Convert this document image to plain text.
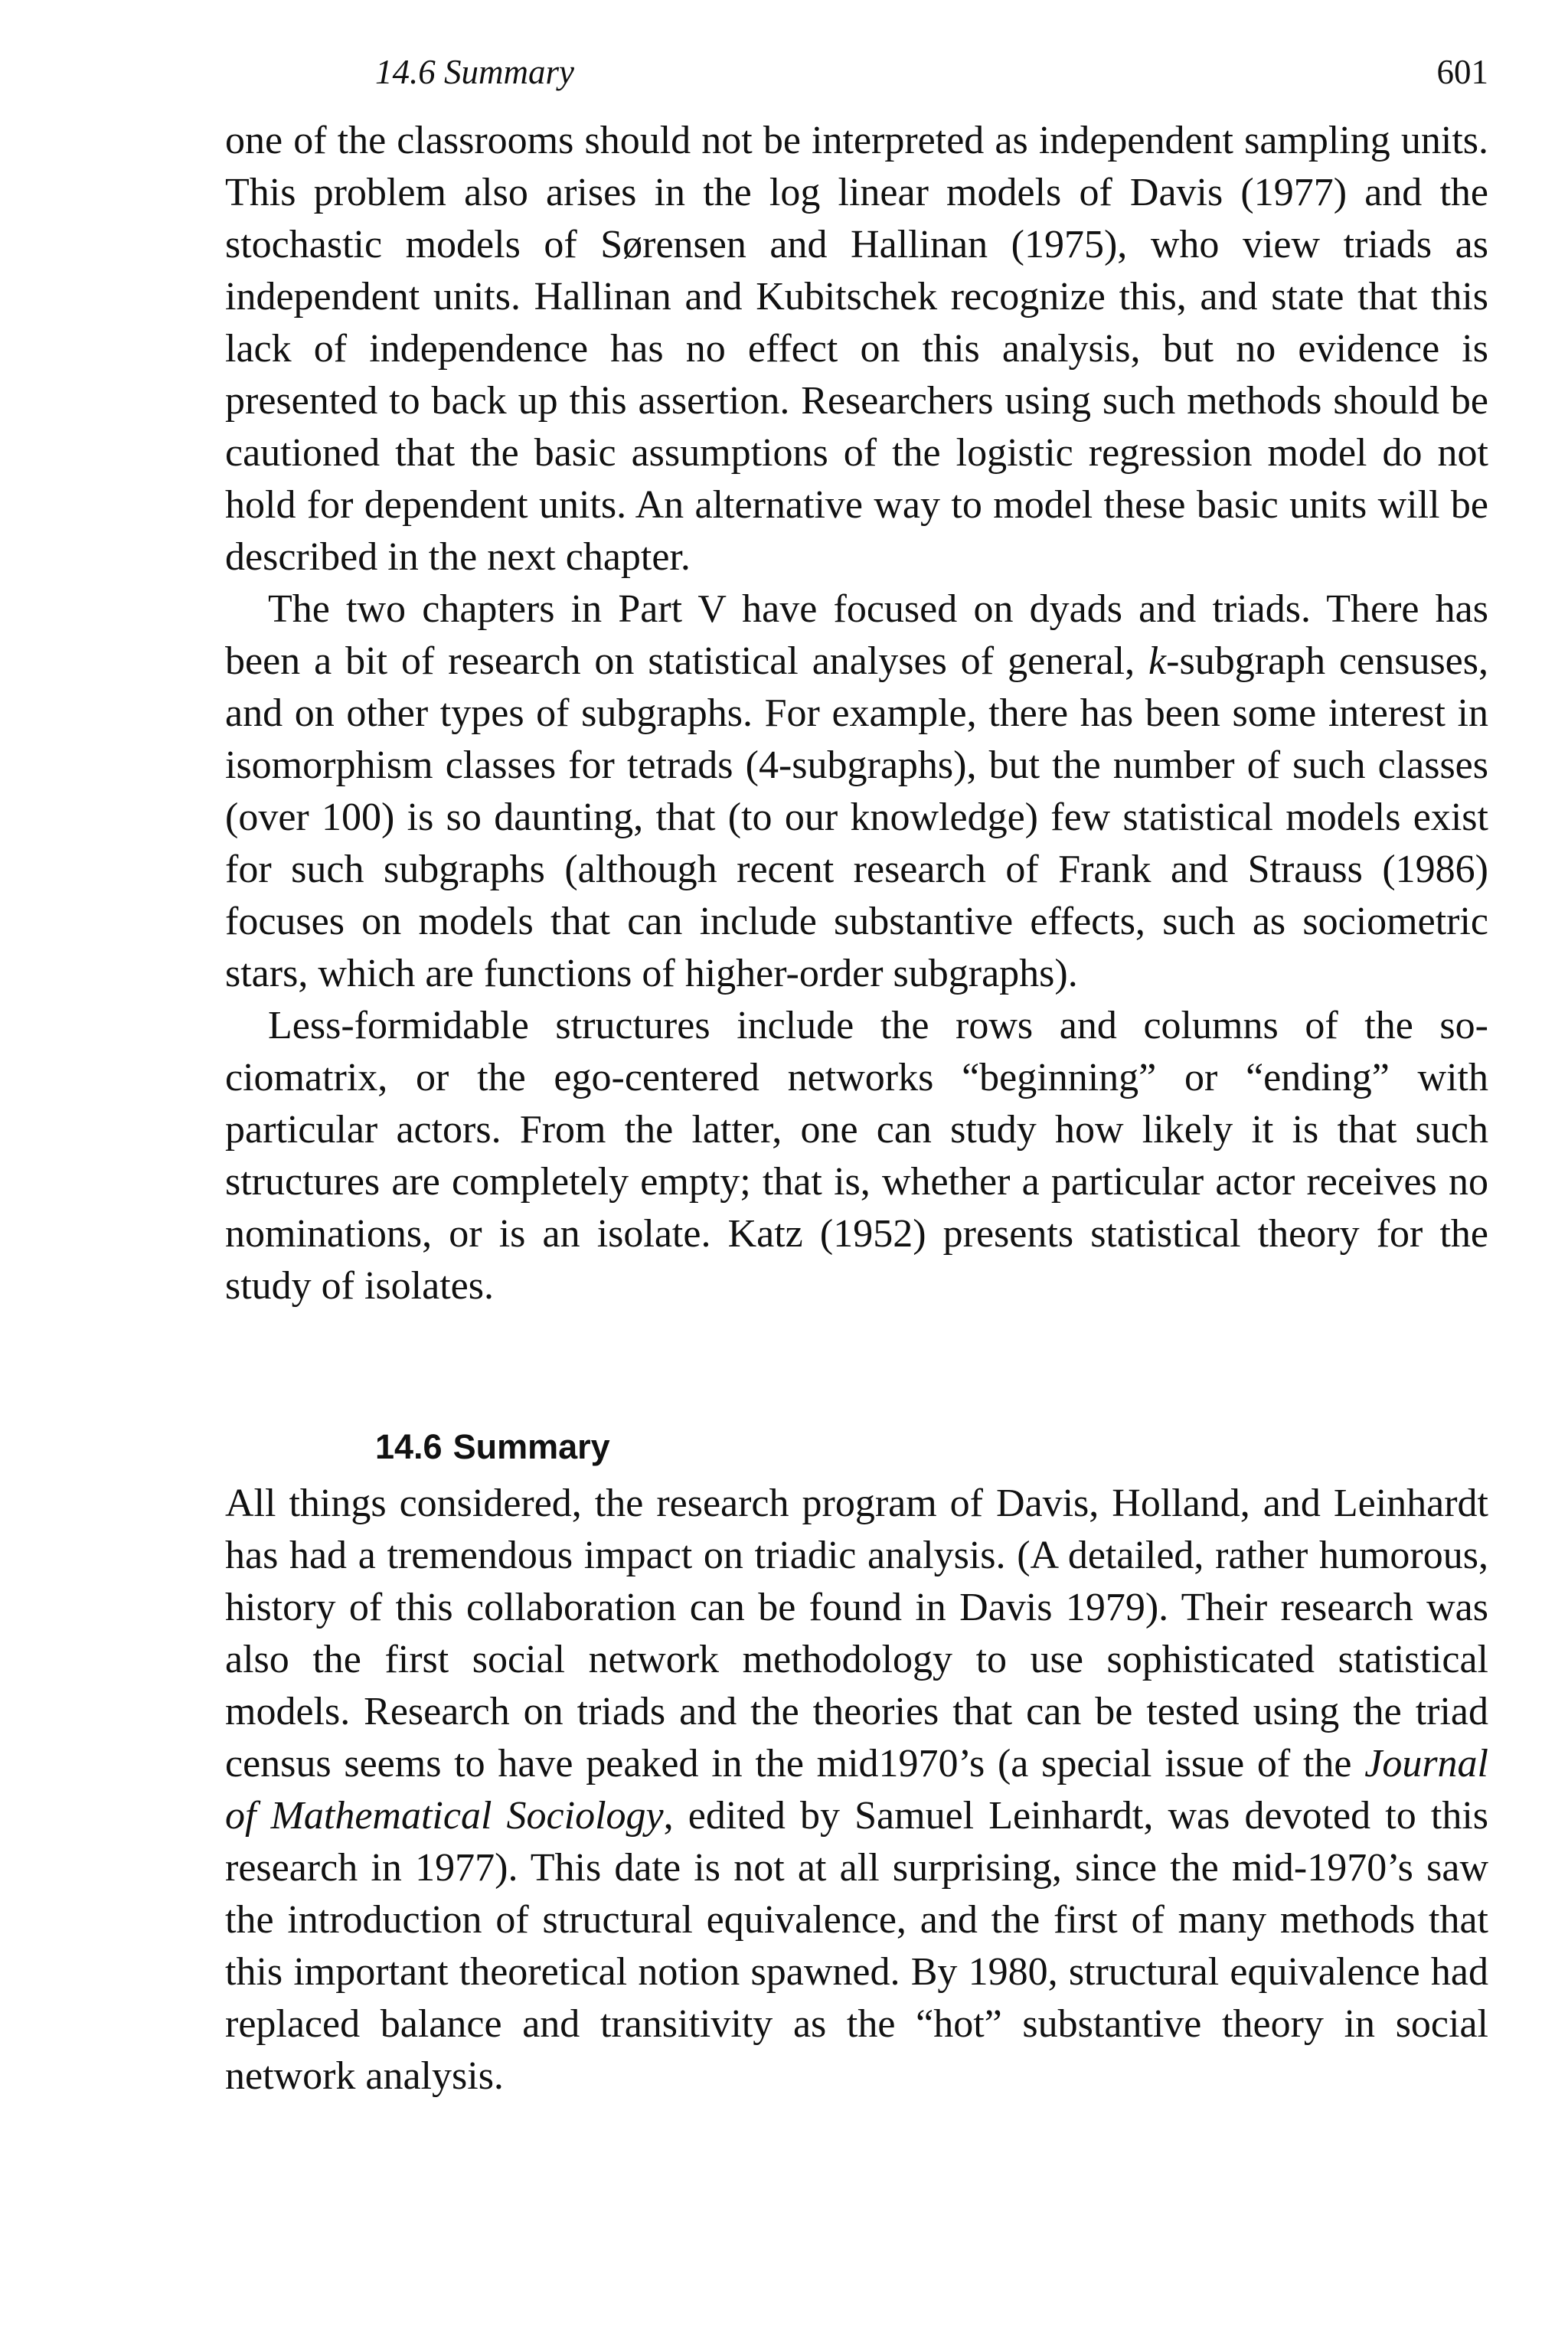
14.6 Summary	601

one of the classrooms should not be interpreted as independent sampling units. This problem also arises in the log linear models of Davis (1977) and the stochastic models of Sørensen and Hallinan (1975), who view triads as independent units. Hallinan and Kubitschek recognize this, and state that this lack of independence has no effect on this analysis, but no evidence is presented to back up this assertion. Researchers using such methods should be cautioned that the basic assumptions of the logistic regression model do not hold for dependent units. An alternative way to model these basic units will be described in the next chapter.

The two chapters in Part V have focused on dyads and triads. There has been a bit of research on statistical analyses of general, k-subgraph censuses, and on other types of subgraphs. For example, there has been some interest in isomorphism classes for tetrads (4-subgraphs), but the number of such classes (over 100) is so daunting, that (to our knowledge) few statistical models exist for such subgraphs (although recent research of Frank and Strauss (1986) focuses on models that can include substantive effects, such as sociometric stars, which are functions of higher-order subgraphs).

Less-formidable structures include the rows and columns of the sociomatrix, or the ego-centered networks “beginning” or “ending” with particular actors. From the latter, one can study how likely it is that such structures are completely empty; that is, whether a particular actor receives no nominations, or is an isolate. Katz (1952) presents statistical theory for the study of isolates.

14.6 Summary

All things considered, the research program of Davis, Holland, and Leinhardt has had a tremendous impact on triadic analysis. (A detailed, rather humorous, history of this collaboration can be found in Davis 1979). Their research was also the first social network methodology to use sophisticated statistical models. Research on triads and the theories that can be tested using the triad census seems to have peaked in the mid1970’s (a special issue of the Journal of Mathematical Sociology, edited by Samuel Leinhardt, was devoted to this research in 1977). This date is not at all surprising, since the mid-1970’s saw the introduction of structural equivalence, and the first of many methods that this important theoretical notion spawned. By 1980, structural equivalence had replaced balance and transitivity as the “hot” substantive theory in social network analysis.
